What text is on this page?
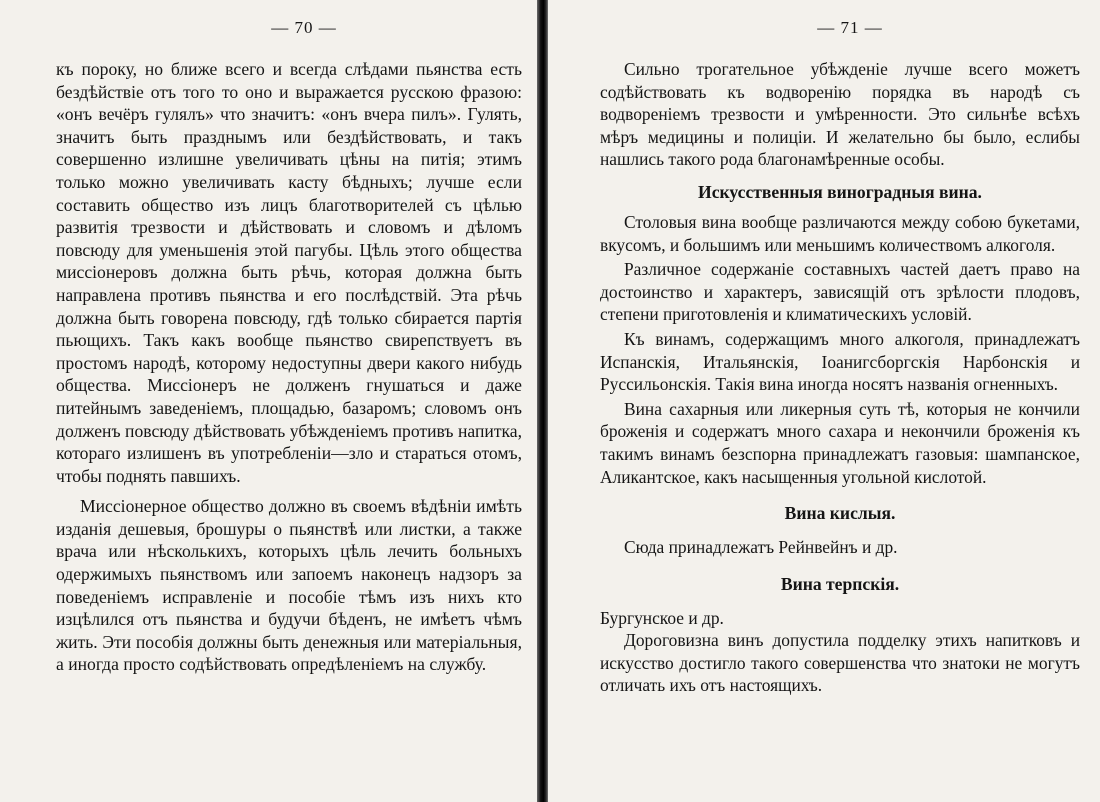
— 70 —

къ пороку, но ближе всего и всегда слѣдами пьянства есть бездѣйствіе отъ того то оно и выражается русскою фразою: «онъ вечёръ гулялъ» что значитъ: «онъ вчера пилъ». Гулять, значитъ быть празднымъ или бездѣйствовать, и такъ совершенно излишне увеличивать цѣны на питія; этимъ только можно увеличивать касту бѣдныхъ; лучше если составить общество изъ лицъ благотворителей съ цѣлью развитія трезвости и дѣйствовать и словомъ и дѣломъ повсюду для уменьшенія этой пагубы. Цѣль этого общества миссіонеровъ должна быть рѣчь, которая должна быть направлена противъ пьянства и его послѣдствій. Эта рѣчь должна быть говорена повсюду, гдѣ только сбирается партія пьющихъ. Такъ какъ вообще пьянство свирепствуетъ въ простомъ народѣ, которому недоступны двери какого нибудь общества. Миссіонеръ не долженъ гнушаться и даже питейнымъ заведеніемъ, площадью, базаромъ; словомъ онъ долженъ повсюду дѣйствовать убѣжденіемъ противъ напитка, котораго излишенъ въ употребленіи—зло и стараться отомъ, чтобы поднять павшихъ.

Миссіонерное общество должно въ своемъ вѣдѣніи имѣть изданія дешевыя, брошуры о пьянствѣ или листки, а также врача или нѣсколькихъ, которыхъ цѣль лечить больныхъ одержимыхъ пьянствомъ или запоемъ наконецъ надзоръ за поведеніемъ исправленіе и пособіе тѣмъ изъ нихъ кто изцѣлился отъ пьянства и будучи бѣденъ, не имѣетъ чѣмъ жить. Эти пособія должны быть денежныя или матеріальныя, а иногда просто содѣйствовать опредѣленіемъ на службу.

— 71 —

Сильно трогательное убѣжденіе лучше всего можетъ содѣйствовать къ водворенію порядка въ народѣ съ водвореніемъ трезвости и умѣренности. Это сильнѣе всѣхъ мѣръ медицины и полиціи. И желательно бы было, еслибы нашлись такого рода благонамѣренные особы.

Искусственныя виноградныя вина.

Столовыя вина вообще различаются между собою букетами, вкусомъ, и большимъ или меньшимъ количествомъ алкоголя.

Различное содержаніе составныхъ частей даетъ право на достоинство и характеръ, зависящій отъ зрѣлости плодовъ, степени приготовленія и климатическихъ условій.

Къ винамъ, содержащимъ много алкоголя, принадлежатъ Испанскія, Итальянскія, Іоанигсборгскія Нарбонскія и Русcильонскія. Такія вина иногда носятъ названія огненныхъ.

Вина сахарныя или ликерныя суть тѣ, которыя не кончили броженія и содержатъ много сахара и некончили броженія къ такимъ винамъ безспорна принадлежатъ газовыя: шампанское, Аликантское, какъ насыщенныя угольной кислотой.

Вина кислыя.

Сюда принадлежатъ Рейнвейнъ и др.

Вина терпскія.

Бургунское и др.

Дороговизна винъ допустила подделку этихъ напитковъ и искусство достигло такого совершенства что знатоки не могутъ отличать ихъ отъ настоящихъ.
